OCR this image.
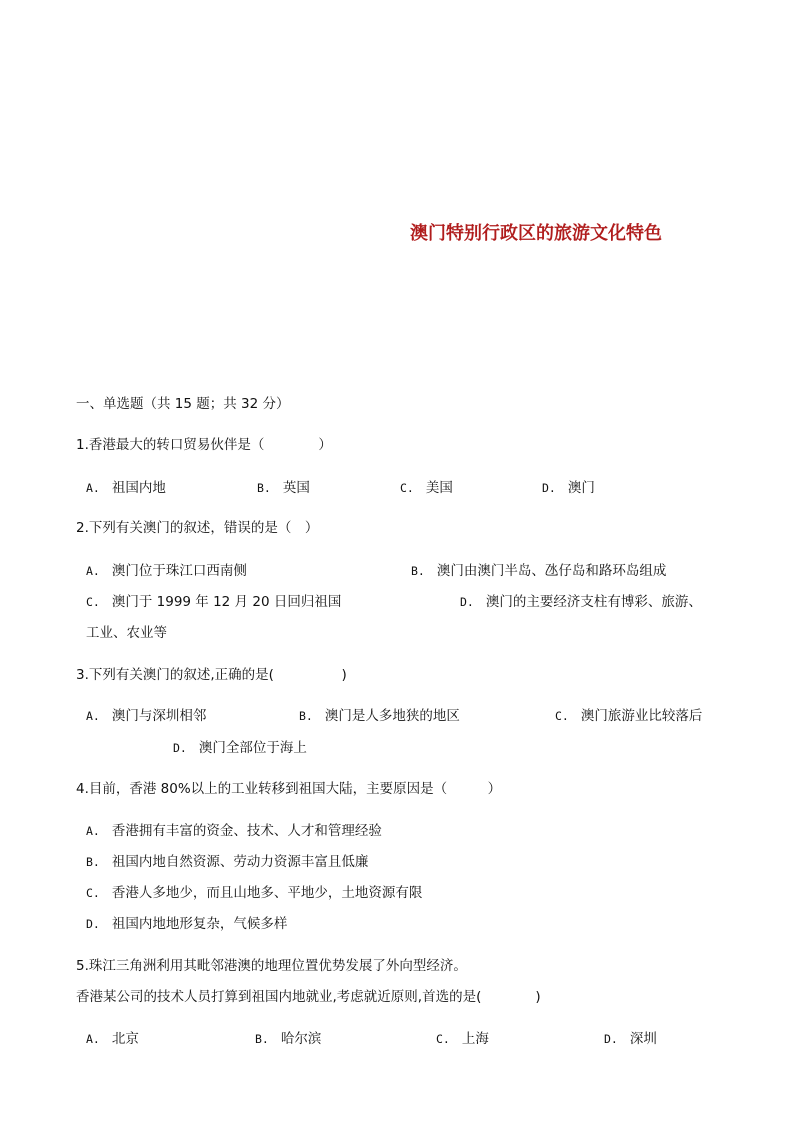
澳门特别行政区的旅游文化特色
一、单选题（共 15 题；共 32 分）
1.香港最大的转口贸易伙伴是（　　　　）
A. 祖国内地	B. 英国	C. 美国	D. 澳门
2.下列有关澳门的叙述，错误的是（　）
A. 澳门位于珠江口西南侧	B. 澳门由澳门半岛、氹仔岛和路环岛组成
C. 澳门于 1999 年 12 月 20 日回归祖国	D. 澳门的主要经济支柱有博彩、旅游、
工业、农业等
3.下列有关澳门的叙述,正确的是(　　　　　)
A. 澳门与深圳相邻	B. 澳门是人多地狭的地区	C. 澳门旅游业比较落后
D. 澳门全部位于海上
4.目前，香港 80%以上的工业转移到祖国大陆，主要原因是（　　　）
A. 香港拥有丰富的资金、技术、人才和管理经验
B. 祖国内地自然资源、劳动力资源丰富且低廉
C. 香港人多地少，而且山地多、平地少，土地资源有限
D. 祖国内地地形复杂，气候多样
5.珠江三角洲利用其毗邻港澳的地理位置优势发展了外向型经济。
香港某公司的技术人员打算到祖国内地就业,考虑就近原则,首选的是(　　　　)
A. 北京	B. 哈尔滨	C. 上海	D. 深圳
